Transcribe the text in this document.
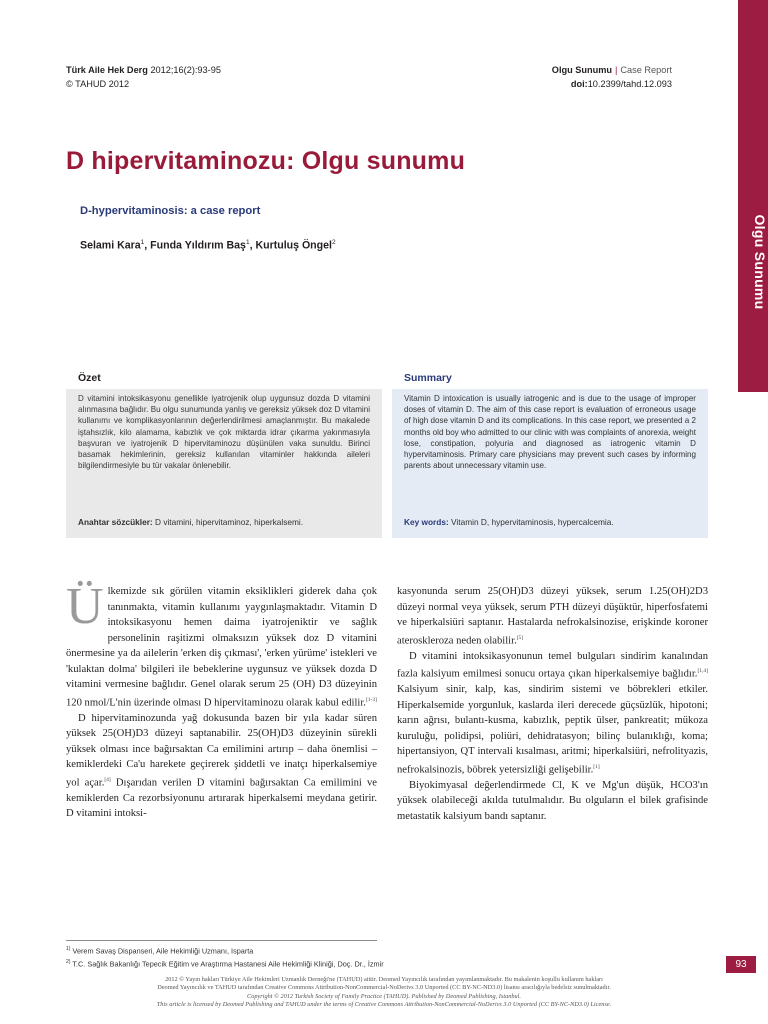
Türk Aile Hek Derg 2012;16(2):93-95
© TAHUD 2012
Olgu Sunumu | Case Report
doi:10.2399/tahd.12.093
Olgu Sunumu
D hipervitaminozu: Olgu sunumu
D-hypervitaminosis: a case report
Selami Kara$^1$, Funda Yıldırım Baş$^1$, Kurtuluş Öngel$^2$
Özet	Summary
D vitamini intoksikasyonu genellikle iyatrojenik olup uygunsuz dozda D vitamini alınmasına bağlıdır. Bu olgu sunumunda yanlış ve gereksiz yüksek doz D vitamini kullanımı ve komplikasyonlarının değerlendirilmesi amaçlanmıştır. Bu makalede iştahsızlık, kilo alamama, kabızlık ve çok miktarda idrar çıkarma yakınmasıyla başvuran ve iyatrojenik D hipervitaminozu düşünülen vaka sunuldu. Birinci basamak hekimlerinin, gereksiz kullanılan vitaminler hakkında aileleri bilgilendirmesiyle bu tür vakalar önlenebilir.
Anahtar sözcükler: D vitamini, hipervitaminoz, hiperkalsemi.
Vitamin D intoxication is usually iatrogenic and is due to the usage of improper doses of vitamin D. The aim of this case report is evaluation of erroneous usage of high dose vitamin D and its complications. In this case report, we presented a 2 months old boy who admitted to our clinic with was complaints of anorexia, weight lose, constipation, polyuria and diagnosed as iatrogenic vitamin D hypervitaminosis. Primary care physicians may prevent such cases by informing parents about unnecessary vitamin use.
Key words: Vitamin D, hypervitaminosis, hypercalcemia.

Ülkemizde sık görülen vitamin eksiklikleri giderek daha çok tanınmakta, vitamin kullanımı yaygınlaşmaktadır. Vitamin D intoksikasyonu hemen daima iyatrojeniktir ve sağlık personelinin raşitizmi olmaksızın yüksek doz D vitamini önermesine ya da ailelerin 'erken diş çıkması', 'erken yürüme' istekleri ve 'kulaktan dolma' bilgileri ile bebeklerine uygunsuz ve yüksek dozda D vitamini vermesine bağlıdır. Genel olarak serum 25 (OH) D3 düzeyinin 120 nmol/L'nin üzerinde olması D hipervitaminozu olarak kabul edilir.[1-3]

D hipervitaminozunda yağ dokusunda bazen bir yıla kadar süren yüksek 25(OH)D3 düzeyi saptanabilir. 25(OH)D3 düzeyinin sürekli yüksek olması ince bağırsaktan Ca emilimini artırıp – daha önemlisi – kemiklerdeki Ca'u harekete geçirerek şiddetli ve inatçı hiperkalsemiye yol açar.[4] Dışarıdan verilen D vitamini bağırsaktan Ca emilimini ve kemiklerden Ca rezorbsiyonunu artırarak hiperkalsemi meydana getirir. D vitamini intoksi-

kasyonunda serum 25(OH)D3 düzeyi yüksek, serum 1.25(OH)2D3 düzeyi normal veya yüksek, serum PTH düzeyi düşüktür, hiperfosfatemi ve hiperkalsiüri saptanır. Hastalarda nefrokalsinozise, erişkinde koroner aterosklerozа neden olabilir.[5]

D vitamini intoksikasyonunun temel bulguları sindirim kanalından fazla kalsiyum emilmesi sonucu ortaya çıkan hiperkalsemiye bağlıdır.[1,4] Kalsiyum sinir, kalp, kas, sindirim sistemi ve böbrekleri etkiler. Hiperkalsemide yorgunluk, kaslarda ileri derecede güçsüzlük, hipotoni; karın ağrısı, bulantı-kusma, kabızlık, peptik ülser, pankreatit; mükoza kuruluğu, polidipsi, poliüri, dehidratasyon; bilinç bulanıklığı, koma; hipertansiyon, QT intervali kısalması, aritmi; hiperkalsiüri, nefrolityazis, nefrokalsinozis, böbrek yetersizliği gelişebilir.[1]

Biyokimyasal değerlendirmede Cl, K ve Mg'un düşük, HCO3'ın yüksek olabileceği akılda tutulmalıdır. Bu olguların el bilek grafisinde metastatik kalsiyum bandı saptanır.

$^{1)}$ Verem Savaş Dispanseri, Aile Hekimliği Uzmanı, Isparta
$^{2)}$ T.C. Sağlık Bakanlığı Tepecik Eğitim ve Araştırma Hastanesi Aile Hekimliği Kliniği, Doç. Dr., İzmir	93
2012 © Yayın hakları Türkiye Aile Hekimleri Uzmanlık Derneği'ne (TAHUD) aittir. Deomed Yayıncılık tarafından yayımlanmaktadır. Bu makalenin koşullu kullanım hakları
Deomed Yayıncılık ve TAHUD tarafından Creative Commons Attribution-NonCommercial-NoDerivs 3.0 Unported (CC BY-NC-ND3.0) lisansı aracılığıyla bedelsiz sunulmaktadır.
Copyright © 2012 Turkish Society of Family Practice (TAHUD). Published by Deomed Publishing, Istanbul.
This article is licensed by Deomed Publishing and TAHUD under the terms of Creative Commons Attribution-NonCommercial-NoDerivs 3.0 Unported (CC BY-NC-ND3.0) License.
